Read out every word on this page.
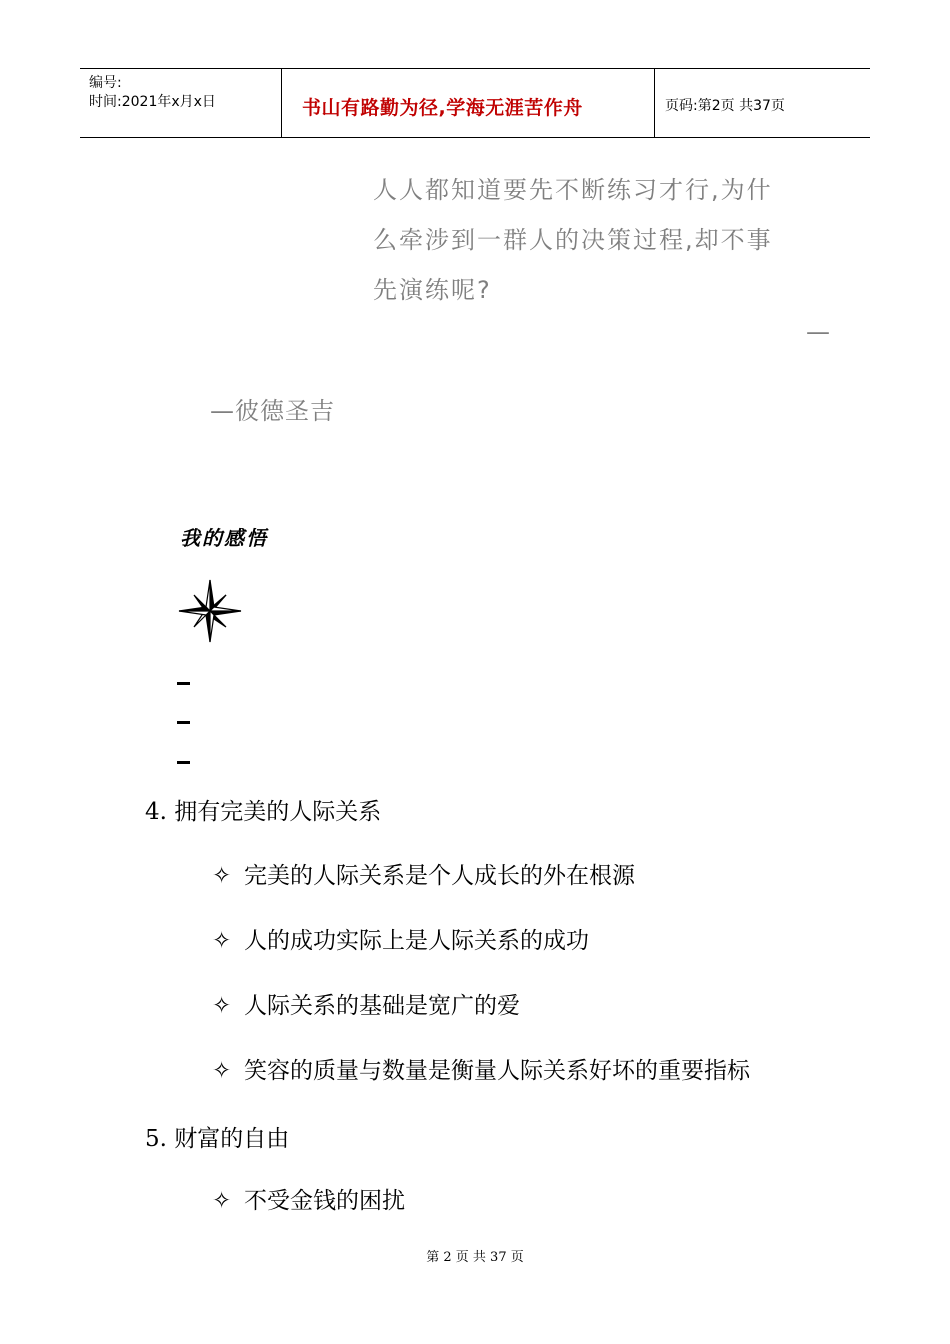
编号:
时间:2021年x月x日	书山有路勤为径,学海无涯苦作舟	页码:第2页 共37页
人人都知道要先不断练习才行,为什
么牵涉到一群人的决策过程,却不事
先演练呢?
—
—彼德圣吉
我的感悟
4. 拥有完美的人际关系
✧ 完美的人际关系是个人成长的外在根源
✧ 人的成功实际上是人际关系的成功
✧ 人际关系的基础是宽广的爱
✧ 笑容的质量与数量是衡量人际关系好坏的重要指标
5. 财富的自由
✧ 不受金钱的困扰
第 2 页 共 37 页
